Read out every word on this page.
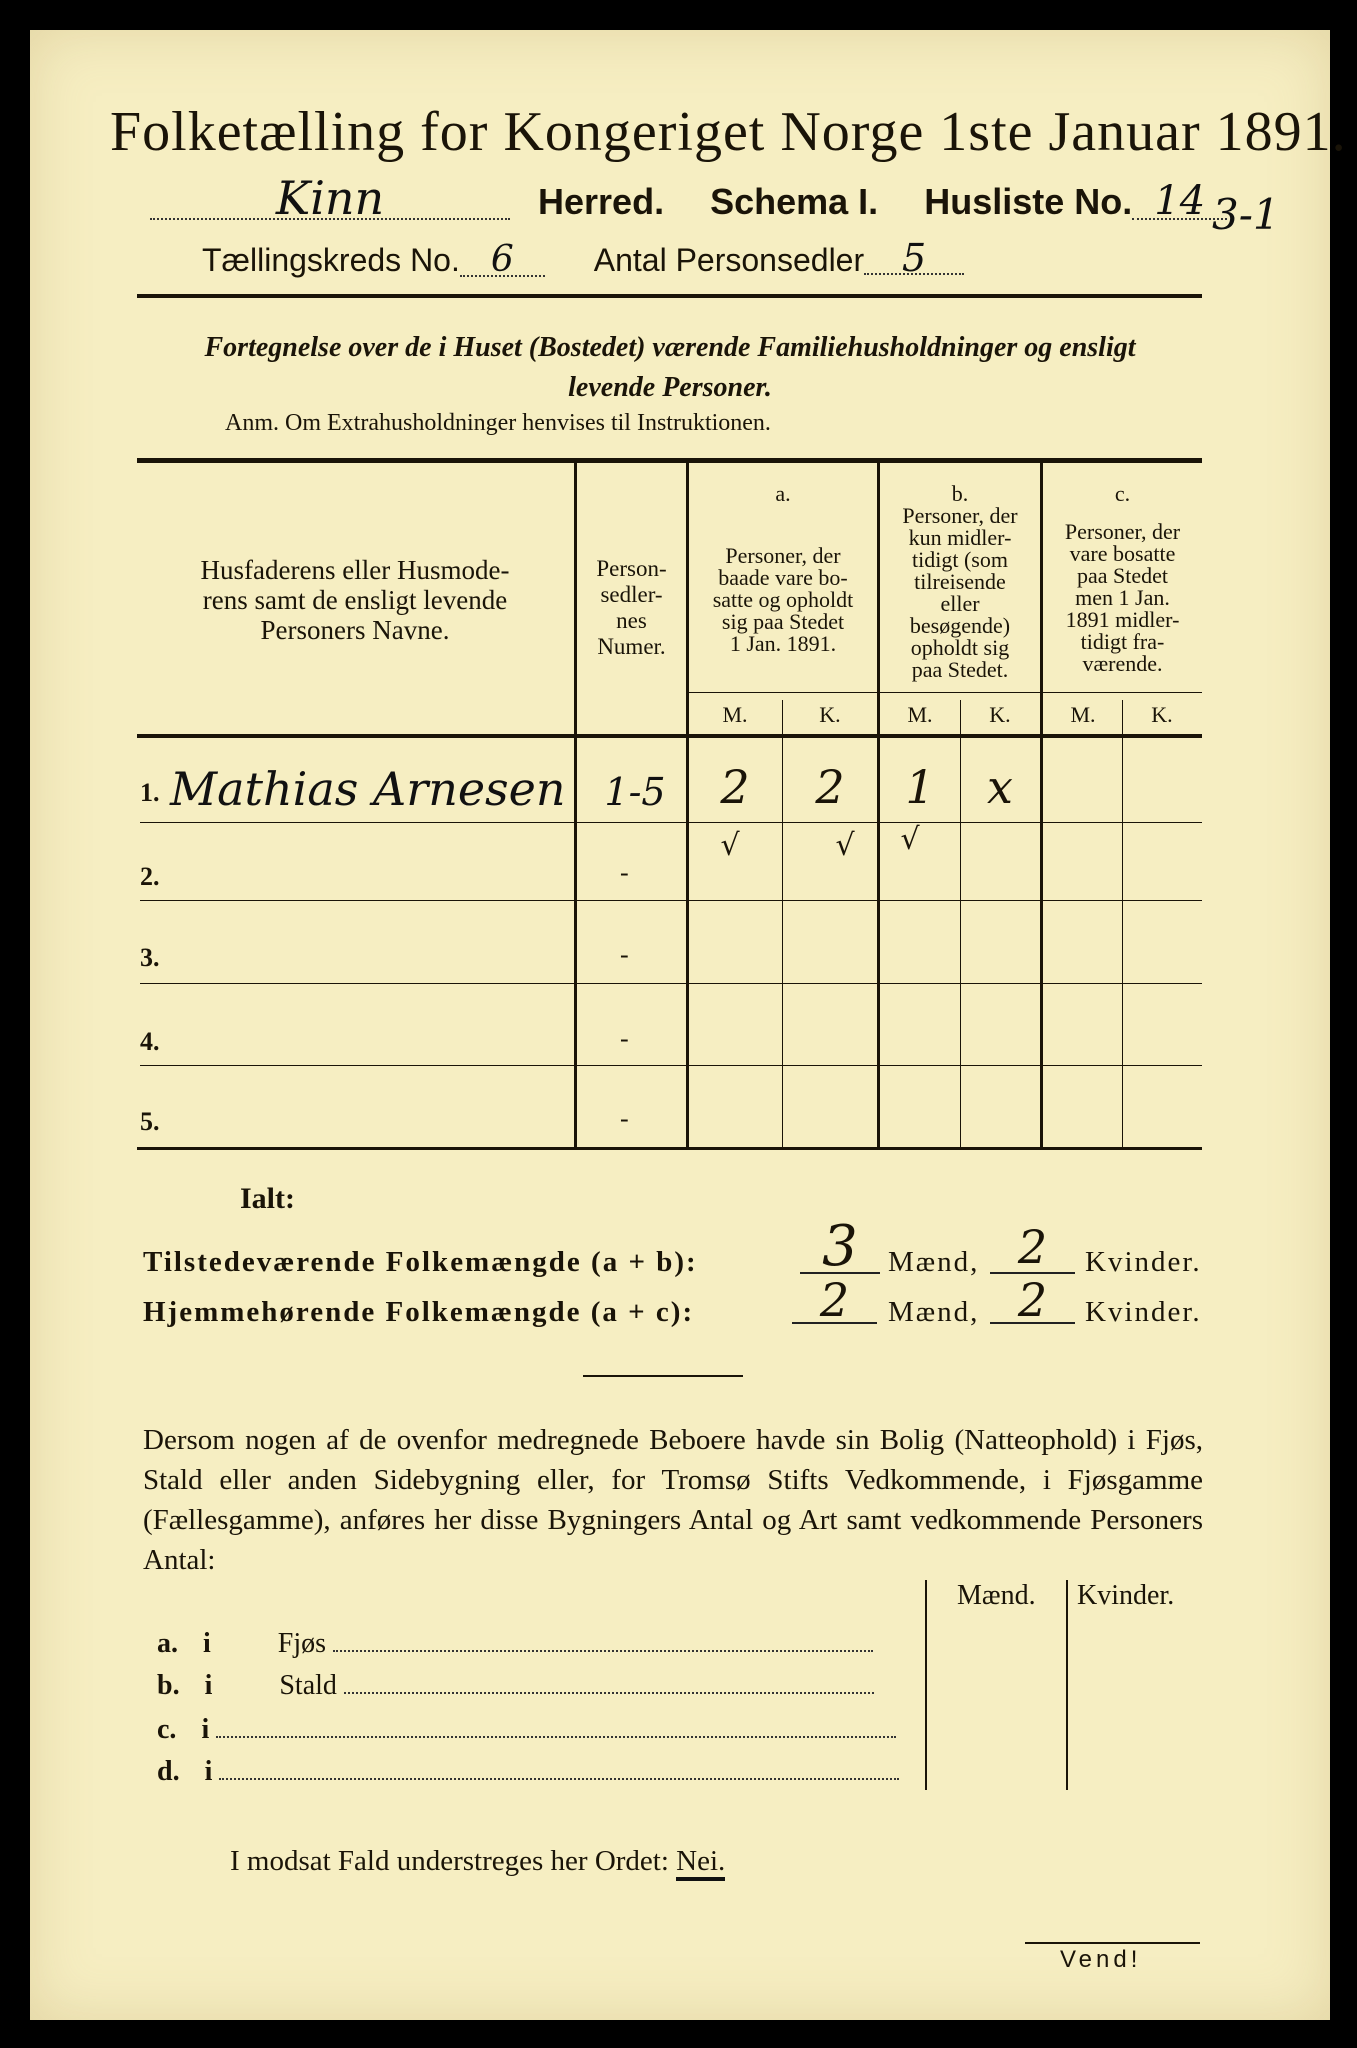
Folketælling for Kongeriget Norge 1ste Januar 1891.
Kinn	Herred. Schema I. Husliste No. 14 3-1
Tællingskreds No. 6 Antal Personsedler 5
Fortegnelse over de i Huset (Bostedet) værende Familiehusholdninger og ensligt
levende Personer.
Anm. Om Extrahusholdninger henvises til Instruktionen.
Husfaderens eller Husmode-
rens samt de ensligt levende
Personers Navne.
Person-
sedler-
nes
Numer.
a.
Personer, der
baade vare bo-
satte og opholdt
sig paa Stedet
1 Jan. 1891.
b.
Personer, der
kun midler-
tidigt (som
tilreisende
eller
besøgende)
opholdt sig
paa Stedet.
c.
Personer, der
vare bosatte
paa Stedet
men 1 Jan.
1891 midler-
tidigt fra-
værende.
M.	K.	M.	K.	M.	K.
1. Mathias Arnesen	1-5	2	2	1	x
√	√	√
2.	-
3.	-
4.	-
5.	-
Ialt:
Tilstedeværende Folkemængde (a + b):	3	Mænd, 2	Kvinder.
Hjemmehørende Folkemængde (a + c):	2	Mænd, 2	Kvinder.
Dersom nogen af de ovenfor medregnede Beboere havde sin Bolig (Natteophold) i Fjøs, Stald eller anden Sidebygning eller, for Tromsø Stifts Vedkommende, i Fjøsgamme (Fællesgamme), anføres her disse Bygningers Antal og Art samt vedkommende Personers Antal:
Mænd. Kvinder.
a. i Fjøs
b. i Stald
c. i
d. i
I modsat Fald understreges her Ordet: Nei.
Vend!
